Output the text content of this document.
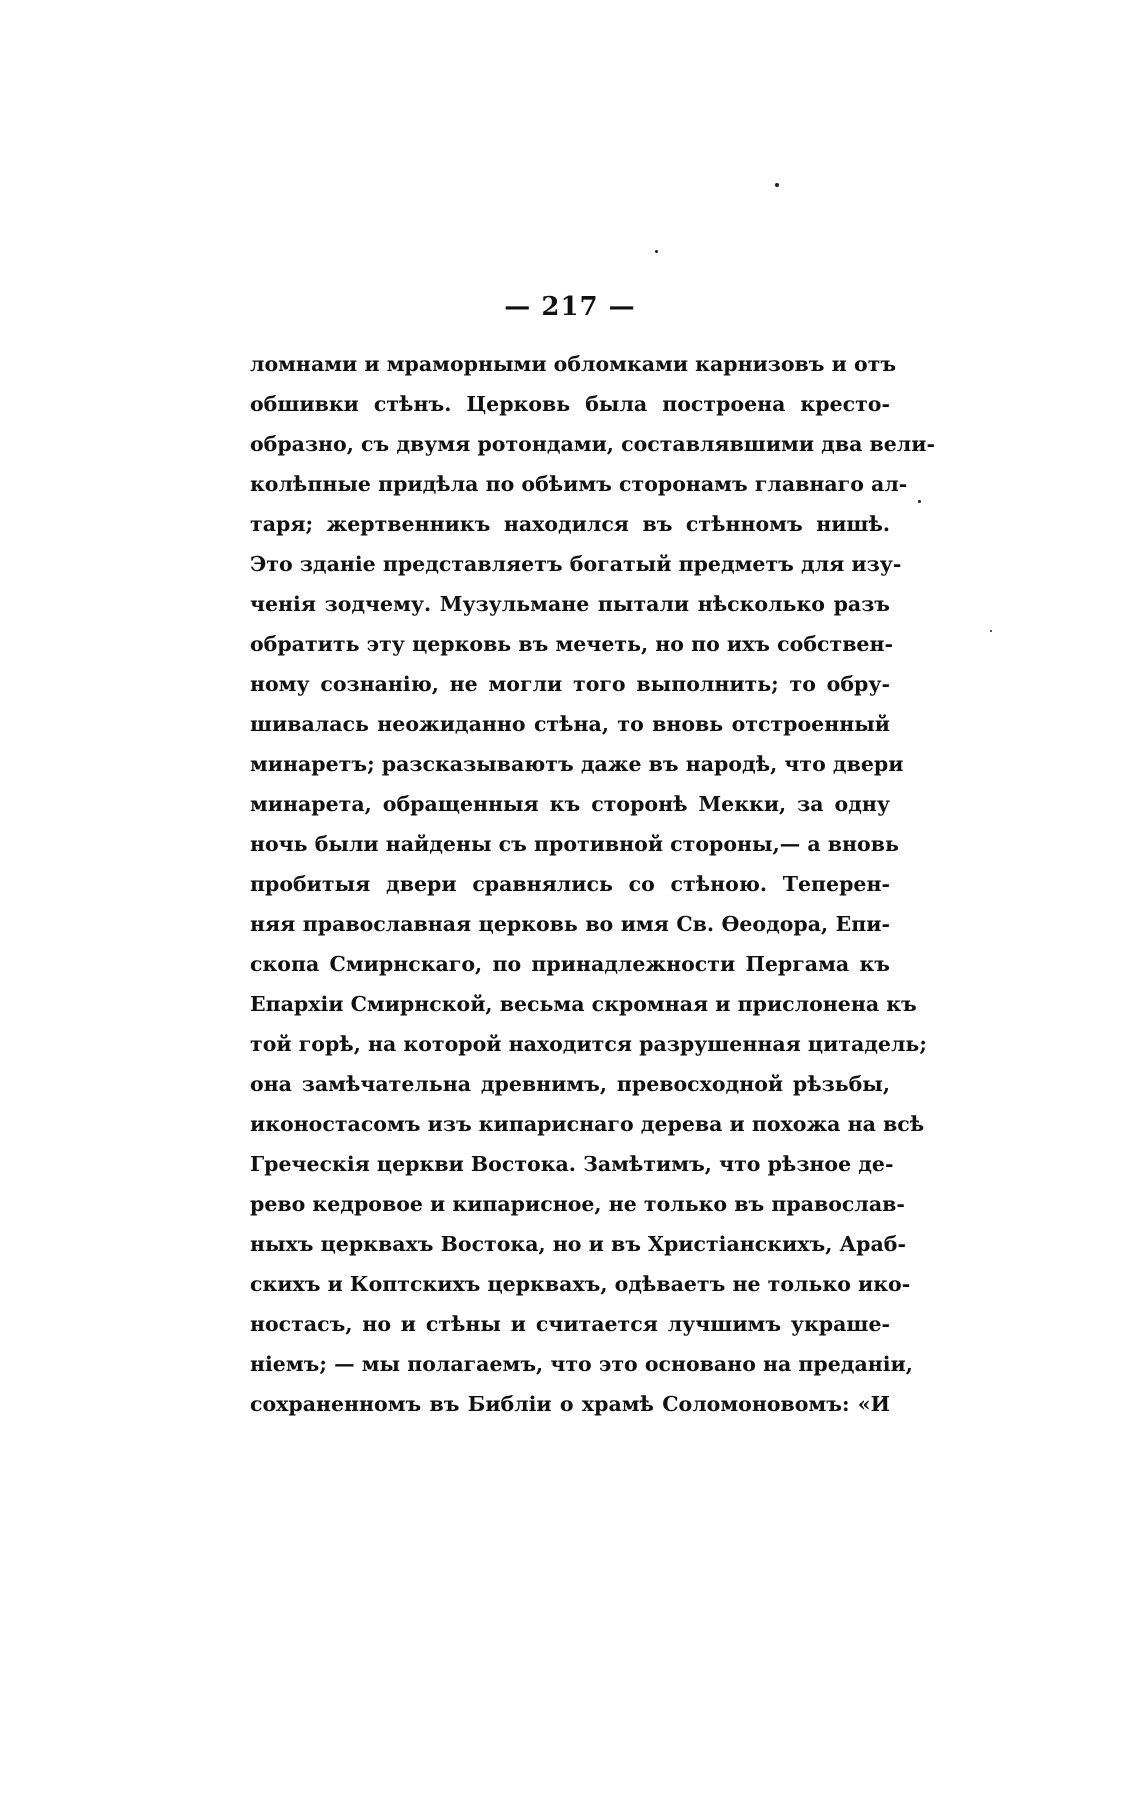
— 217 —
ломнами и мраморными обломками карнизовъ и отъ
обшивки стѣнъ. Церковь была построена кресто-
образно, съ двумя ротондами, составлявшими два вели-
колѣпные придѣла по обѣимъ сторонамъ главнаго ал-
таря; жертвенникъ находился въ стѣнномъ нишѣ.
Это зданіе представляетъ богатый предметъ для изу-
ченія зодчему. Музульмане пытали нѣсколько разъ
обратить эту церковь въ мечеть, но по ихъ собствен-
ному сознанію, не могли того выполнить; то обру-
шивалась неожиданно стѣна, то вновь отстроенный
минаретъ; разсказываютъ даже въ народѣ, что двери
минарета, обращенныя къ сторонѣ Мекки, за одну
ночь были найдены съ противной стороны,— а вновь
пробитыя двери сравнялись со стѣною. Теперен-
няя православная церковь во имя Св. Ѳеодора, Епи-
скопа Смирнскаго, по принадлежности Пергама къ
Епархіи Смирнской, весьма скромная и прислонена къ
той горѣ, на которой находится разрушенная цитадель;
она замѣчательна древнимъ, превосходной рѣзьбы,
иконостасомъ изъ кипариснаго дерева и похожа на всѣ
Греческія церкви Востока. Замѣтимъ, что рѣзное де-
рево кедровое и кипарисное, не только въ православ-
ныхъ церквахъ Востока, но и въ Христіанскихъ, Араб-
скихъ и Коптскихъ церквахъ, одѣваетъ не только ико-
ностасъ, но и стѣны и считается лучшимъ украше-
ніемъ; — мы полагаемъ, что это основано на преданіи,
сохраненномъ въ Библіи о храмѣ Соломоновомъ: «И
